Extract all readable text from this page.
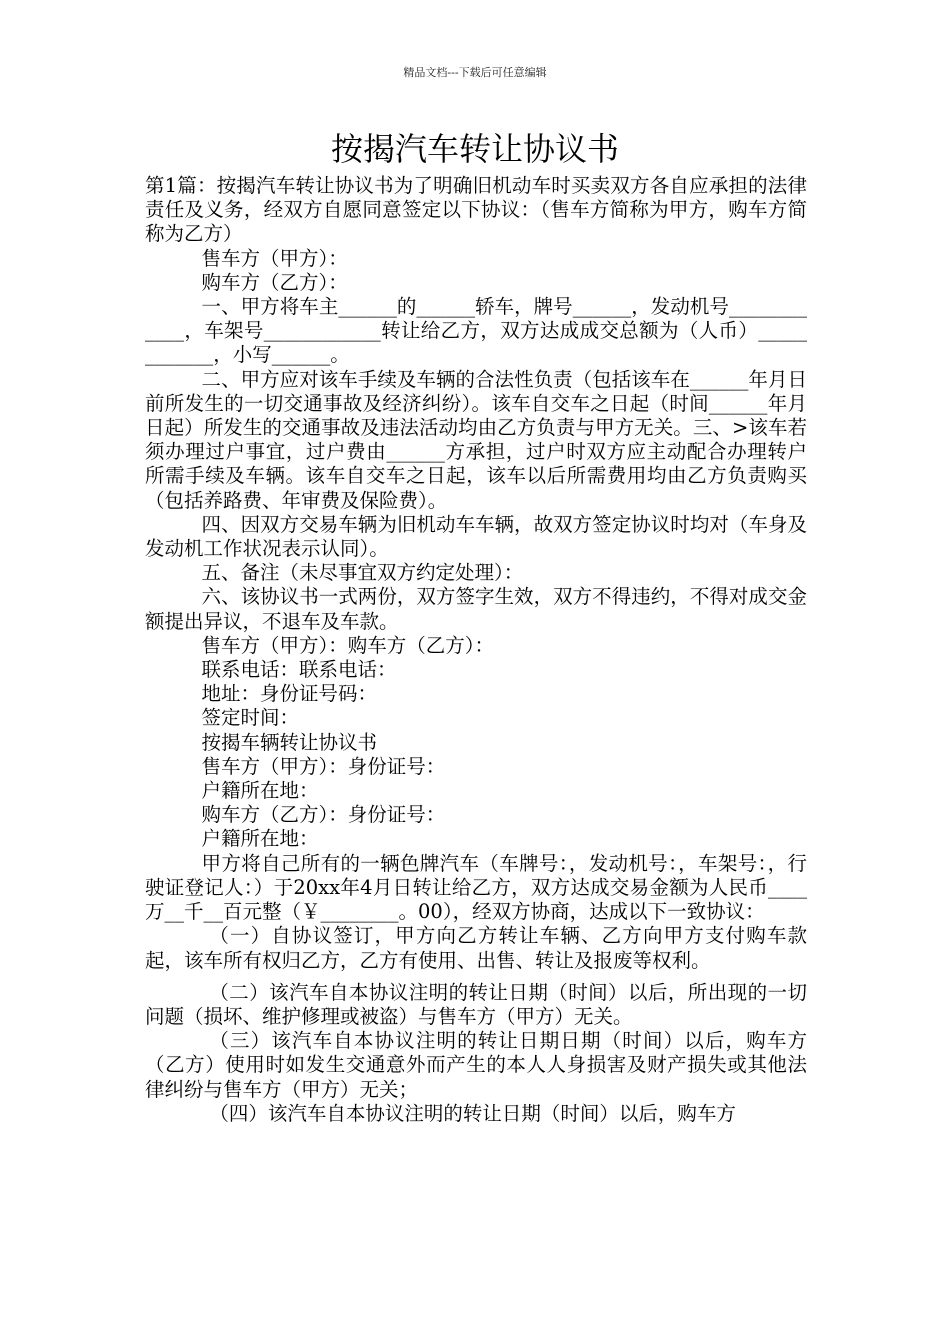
精品文档---下载后可任意编辑
按揭汽车转让协议书

第1篇：按揭汽车转让协议书为了明确旧机动车时买卖双方各自应承担的法律责任及义务，经双方自愿同意签定以下协议：（售车方简称为甲方，购车方简称为乙方）

售车方（甲方）：

购车方（乙方）：

一、甲方将车主______的______轿车，牌号______，发动机号____________，车架号____________转让给乙方，双方达成成交总额为（人币）____________，小写______。

二、甲方应对该车手续及车辆的合法性负责（包括该车在______年月日前所发生的一切交通事故及经济纠纷）。该车自交车之日起（时间______年月日起）所发生的交通事故及违法活动均由乙方负责与甲方无关。三、>该车若须办理过户事宜，过户费由______方承担，过户时双方应主动配合办理转户所需手续及车辆。该车自交车之日起，该车以后所需费用均由乙方负责购买（包括养路费、年审费及保险费）。

四、因双方交易车辆为旧机动车车辆，故双方签定协议时均对（车身及发动机工作状况表示认同）。

五、备注（未尽事宜双方约定处理）：

六、该协议书一式两份，双方签字生效，双方不得违约，不得对成交金额提出异议，不退车及车款。

售车方（甲方）：购车方（乙方）：

联系电话：联系电话：

地址：身份证号码：

签定时间：

按揭车辆转让协议书

售车方（甲方）：身份证号：

户籍所在地：

购车方（乙方）：身份证号：

户籍所在地：

甲方将自己所有的一辆色牌汽车（车牌号：，发动机号：，车架号：，行驶证登记人：）于20xx年4月日转让给乙方，双方达成交易金额为人民币____万__千__百元整（￥________。00），经双方协商，达成以下一致协议：

（一）自协议签订，甲方向乙方转让车辆、乙方向甲方支付购车款起，该车所有权归乙方，乙方有使用、出售、转让及报废等权利。

（二）该汽车自本协议注明的转让日期（时间）以后，所出现的一切问题（损坏、维护修理或被盗）与售车方（甲方）无关。

（三）该汽车自本协议注明的转让日期日期（时间）以后，购车方（乙方）使用时如发生交通意外而产生的本人人身损害及财产损失或其他法律纠纷与售车方（甲方）无关；

（四）该汽车自本协议注明的转让日期（时间）以后，购车方
